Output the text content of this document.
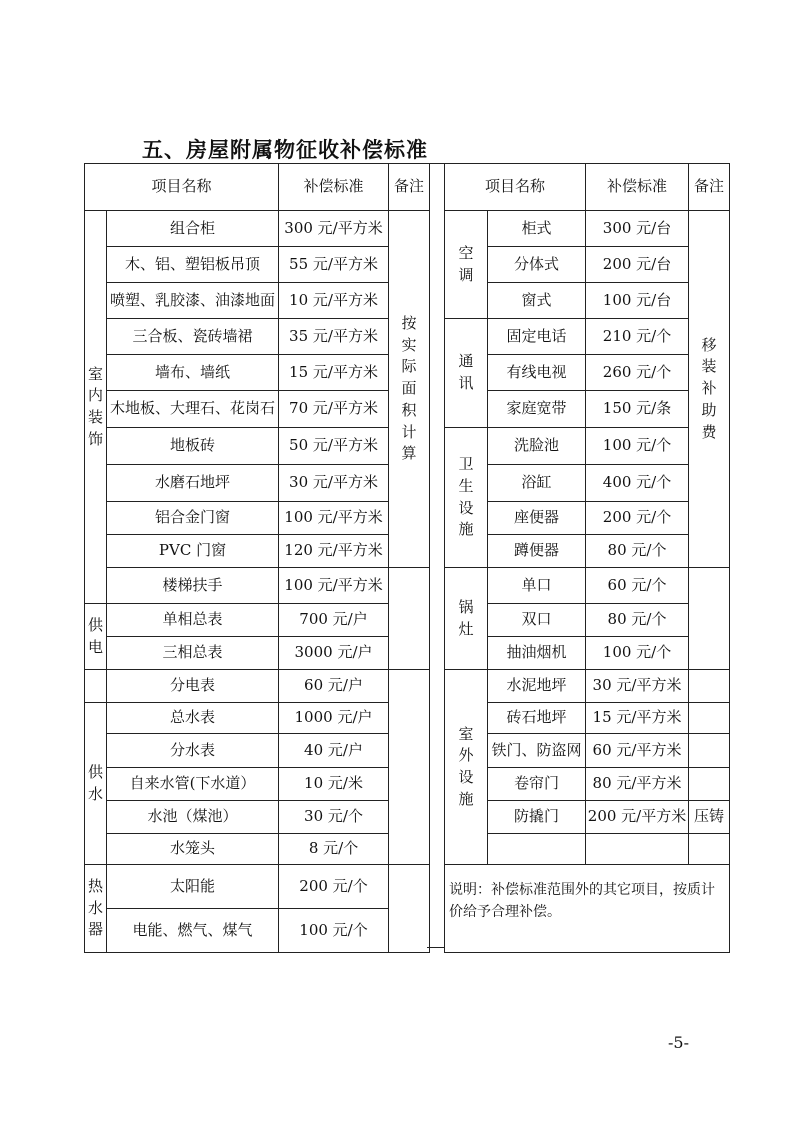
五、房屋附属物征收补偿标准
项目名称		补偿标准	备注

室内装饰	组合柜	300 元/平方米	按实际面积计算

	木、铝、塑铝板吊顶	55 元/平方米	
	喷塑、乳胶漆、油漆地面	10 元/平方米	
	三合板、瓷砖墙裙	35 元/平方米	
	墙布、墙纸	15 元/平方米	
	木地板、大理石、花岗石	70 元/平方米	
	地板砖	50 元/平方米	
	水磨石地坪	30 元/平方米	
	铝合金门窗	100 元/平方米	
	PVC 门窗	120 元/平方米	
	楼梯扶手	100 元/平方米	

供电	单相总表	700 元/户	
	三相总表	3000 元/户	
	分电表	60 元/户	

供水	总水表	1000 元/户	
	分水表	40 元/户	
	自来水管(下水道）	10 元/米	
	水池（煤池）	30 元/个	
	水笼头	8 元/个	

热水器	太阳能	200 元/个	
	电能、燃气、煤气	100 元/个	
项目名称		补偿标准	备注

空调	柜式	300 元/台	移装补助费

	分体式	200 元/台	
	窗式	100 元/台	

通讯	固定电话	210 元/个	
	有线电视	260 元/个	
	家庭宽带	150 元/条	

卫生设施	洗脸池	100 元/个	
	浴缸	400 元/个	
	座便器	200 元/个	
	蹲便器	80 元/个	

锅灶	单口	60 元/个	
	双口	80 元/个	
	抽油烟机	100 元/个	

室外设施	水泥地坪	30 元/平方米	
	砖石地坪	15 元/平方米	
	铁门、防盗网	60 元/平方米	
	卷帘门	80 元/平方米	
	防撬门	200 元/平方米	压铸

说明：补偿标准范围外的其它项目，按质计价给予合理补偿。			
-5-
